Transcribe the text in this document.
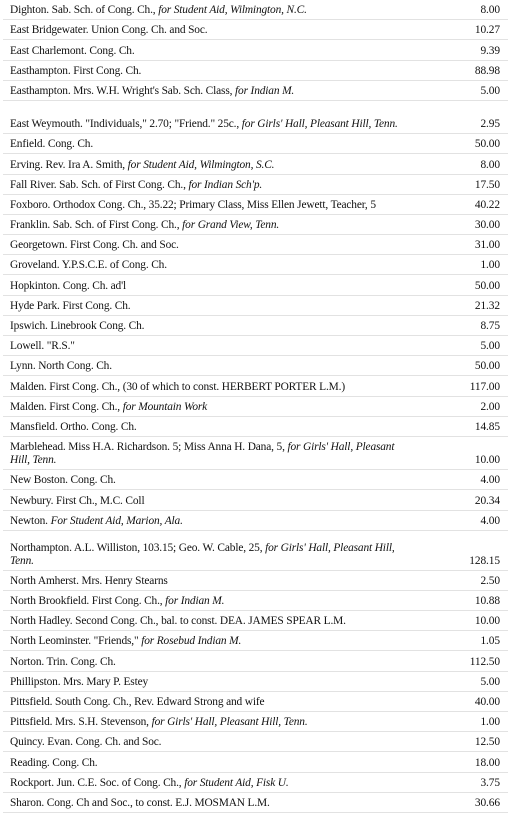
Dighton. Sab. Sch. of Cong. Ch., for Student Aid, Wilmington, N.C.	8.00
East Bridgewater. Union Cong. Ch. and Soc.	10.27
East Charlemont. Cong. Ch.	9.39
Easthampton. First Cong. Ch.	88.98
Easthampton. Mrs. W.H. Wright's Sab. Sch. Class, for Indian M.	5.00
East Weymouth. "Individuals," 2.70; "Friend." 25c., for Girls' Hall, Pleasant Hill, Tenn.	2.95
Enfield. Cong. Ch.	50.00
Erving. Rev. Ira A. Smith, for Student Aid, Wilmington, S.C.	8.00
Fall River. Sab. Sch. of First Cong. Ch., for Indian Sch'p.	17.50
Foxboro. Orthodox Cong. Ch., 35.22; Primary Class, Miss Ellen Jewett, Teacher, 5	40.22
Franklin. Sab. Sch. of First Cong. Ch., for Grand View, Tenn.	30.00
Georgetown. First Cong. Ch. and Soc.	31.00
Groveland. Y.P.S.C.E. of Cong. Ch.	1.00
Hopkinton. Cong. Ch. ad'l	50.00
Hyde Park. First Cong. Ch.	21.32
Ipswich. Linebrook Cong. Ch.	8.75
Lowell. "R.S."	5.00
Lynn. North Cong. Ch.	50.00
Malden. First Cong. Ch., (30 of which to const. HERBERT PORTER L.M.)	117.00
Malden. First Cong. Ch., for Mountain Work	2.00
Mansfield. Ortho. Cong. Ch.	14.85
Marblehead. Miss H.A. Richardson. 5; Miss Anna H. Dana, 5, for Girls' Hall, Pleasant Hill, Tenn.	10.00
New Boston. Cong. Ch.	4.00
Newbury. First Ch., M.C. Coll	20.34
Newton. For Student Aid, Marion, Ala.	4.00
Northampton. A.L. Williston, 103.15; Geo. W. Cable, 25, for Girls' Hall, Pleasant Hill, Tenn.	128.15
North Amherst. Mrs. Henry Stearns	2.50
North Brookfield. First Cong. Ch., for Indian M.	10.88
North Hadley. Second Cong. Ch., bal. to const. DEA. JAMES SPEAR L.M.	10.00
North Leominster. "Friends," for Rosebud Indian M.	1.05
Norton. Trin. Cong. Ch.	112.50
Phillipston. Mrs. Mary P. Estey	5.00
Pittsfield. South Cong. Ch., Rev. Edward Strong and wife	40.00
Pittsfield. Mrs. S.H. Stevenson, for Girls' Hall, Pleasant Hill, Tenn.	1.00
Quincy. Evan. Cong. Ch. and Soc.	12.50
Reading. Cong. Ch.	18.00
Rockport. Jun. C.E. Soc. of Cong. Ch., for Student Aid, Fisk U.	3.75
Sharon. Cong. Ch and Soc., to const. E.J. MOSMAN L.M.	30.66
